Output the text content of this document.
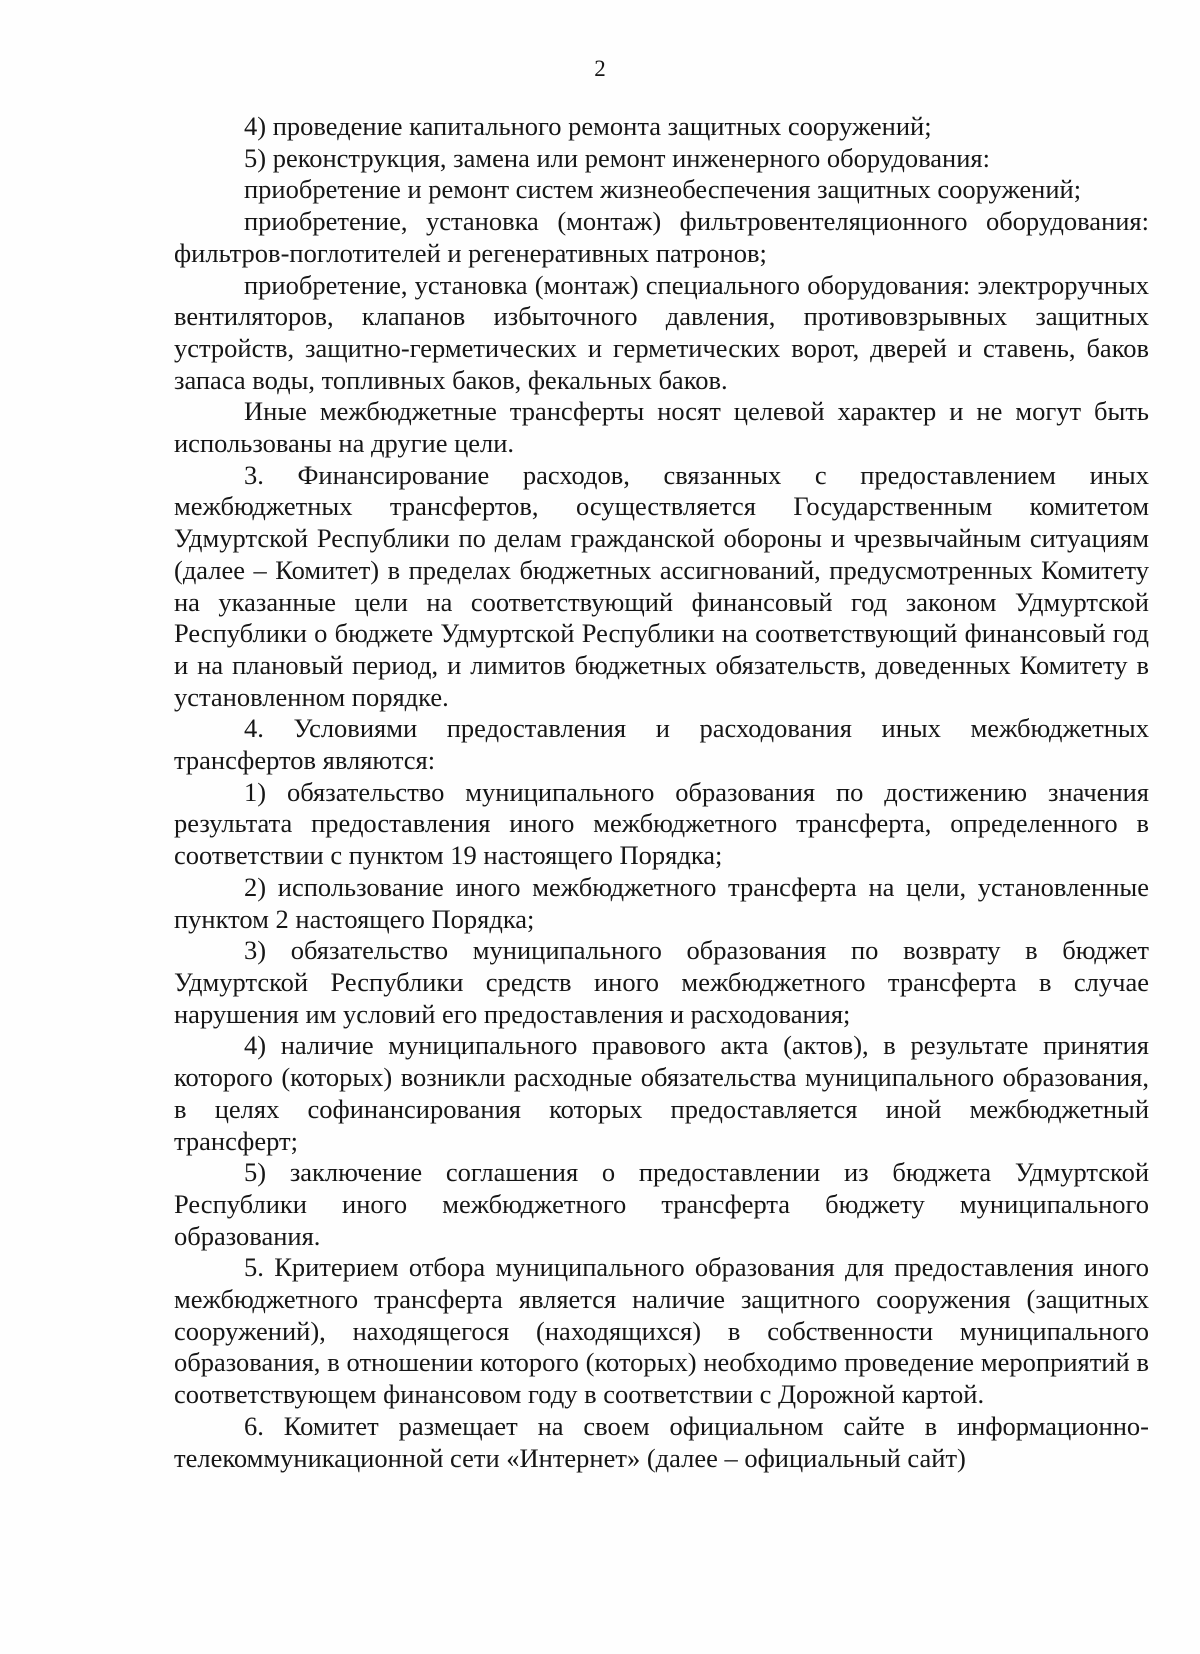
2

4) проведение капитального ремонта защитных сооружений;

5) реконструкция, замена или ремонт инженерного оборудования:

приобретение и ремонт систем жизнеобеспечения защитных сооружений;

приобретение, установка (монтаж) фильтровентеляционного оборудования: фильтров-поглотителей и регенеративных патронов;

приобретение, установка (монтаж) специального оборудования: электроручных вентиляторов, клапанов избыточного давления, противовзрывных защитных устройств, защитно-герметических и герметических ворот, дверей и ставень, баков запаса воды, топливных баков, фекальных баков.

Иные межбюджетные трансферты носят целевой характер и не могут быть использованы на другие цели.

3. Финансирование расходов, связанных с предоставлением иных межбюджетных трансфертов, осуществляется Государственным комитетом Удмуртской Республики по делам гражданской обороны и чрезвычайным ситуациям (далее – Комитет) в пределах бюджетных ассигнований, предусмотренных Комитету на указанные цели на соответствующий финансовый год законом Удмуртской Республики о бюджете Удмуртской Республики на соответствующий финансовый год и на плановый период, и лимитов бюджетных обязательств, доведенных Комитету в установленном порядке.

4. Условиями предоставления и расходования иных межбюджетных трансфертов являются:

1) обязательство муниципального образования по достижению значения результата предоставления иного межбюджетного трансферта, определенного в соответствии с пунктом 19 настоящего Порядка;

2) использование иного межбюджетного трансферта на цели, установленные пунктом 2 настоящего Порядка;

3) обязательство муниципального образования по возврату в бюджет Удмуртской Республики средств иного межбюджетного трансферта в случае нарушения им условий его предоставления и расходования;

4) наличие муниципального правового акта (актов), в результате принятия которого (которых) возникли расходные обязательства муниципального образования, в целях софинансирования которых предоставляется иной межбюджетный трансферт;

5) заключение соглашения о предоставлении из бюджета Удмуртской Республики иного межбюджетного трансферта бюджету муниципального образования.

5. Критерием отбора муниципального образования для предоставления иного межбюджетного трансферта является наличие защитного сооружения (защитных сооружений), находящегося (находящихся) в собственности муниципального образования, в отношении которого (которых) необходимо проведение мероприятий в соответствующем финансовом году в соответствии с Дорожной картой.

6. Комитет размещает на своем официальном сайте в информационно-телекоммуникационной сети «Интернет» (далее – официальный сайт)
